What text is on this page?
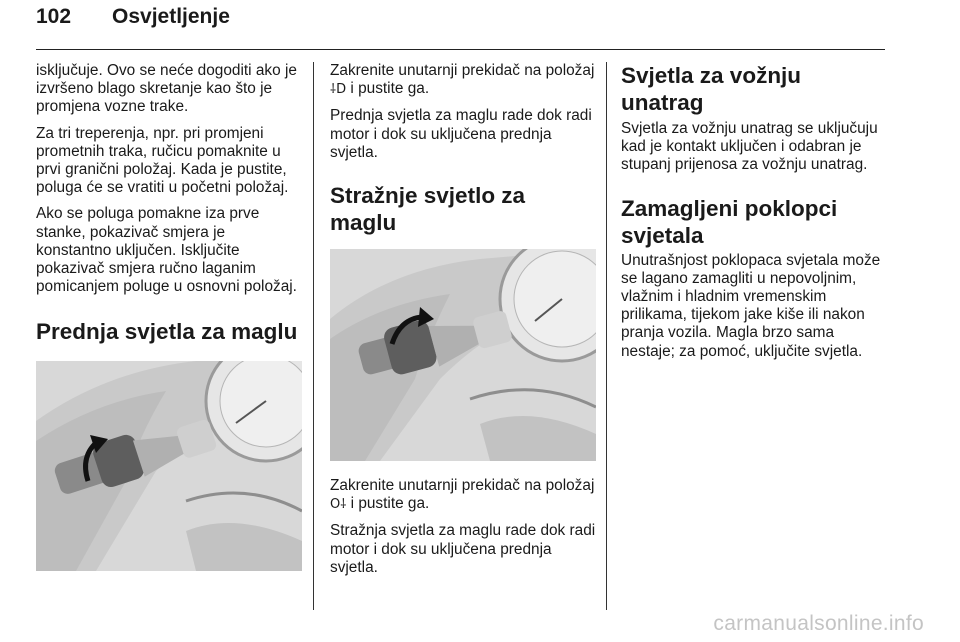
102 Osvjetljenje

isključuje. Ovo se neće dogoditi ako je izvršeno blago skretanje kao što je promjena vozne trake.

Za tri treperenja, npr. pri promjeni prometnih traka, ručicu pomaknite u prvi granični položaj. Kada je pustite, poluga će se vratiti u početni položaj.

Ako se poluga pomakne iza prve stanke, pokazivač smjera je konstantno uključen. Isključite pokazivač smjera ručno laganim pomicanjem poluge u osnovni položaj.

Prednja svjetla za maglu

Zakrenite unutarnji prekidač na položaj ⸸D i pustite ga.

Prednja svjetla za maglu rade dok radi motor i dok su uključena prednja svjetla.

Stražnje svjetlo za maglu

Zakrenite unutarnji prekidač na položaj O⸸ i pustite ga.

Stražnja svjetla za maglu rade dok radi motor i dok su uključena prednja svjetla.

Svjetla za vožnju unatrag

Svjetla za vožnju unatrag se uključuju kad je kontakt uključen i odabran je stupanj prijenosa za vožnju unatrag.

Zamagljeni poklopci svjetala

Unutrašnjost poklopaca svjetala može se lagano zamagliti u nepovoljnim, vlažnim i hladnim vremenskim prilikama, tijekom jake kiše ili nakon pranja vozila. Magla brzo sama nestaje; za pomoć, uključite svjetla.

carmanualsonline.info
